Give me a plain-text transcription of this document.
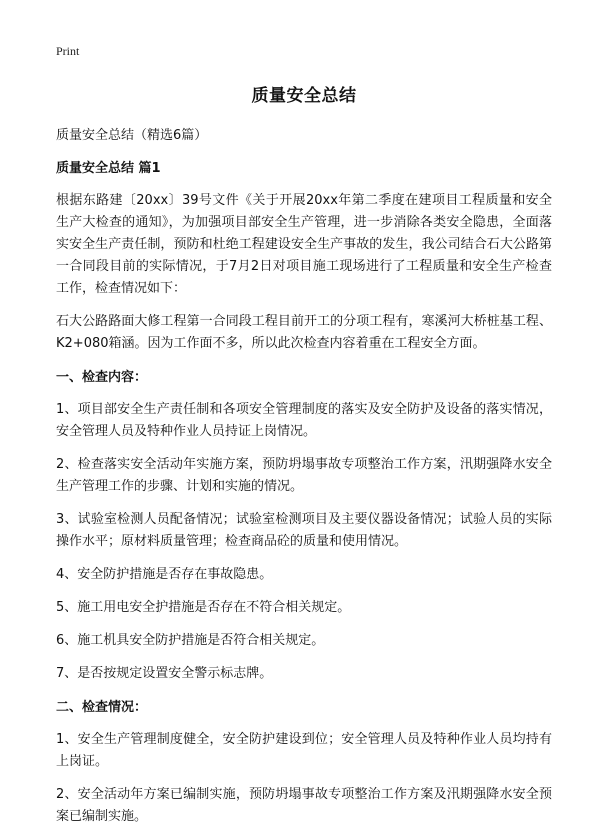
Print
质量安全总结
质量安全总结（精选6篇）
质量安全总结 篇1

根据东路建〔20xx〕39号文件《关于开展20xx年第二季度在建项目工程质量和安全生产大检查的通知》，为加强项目部安全生产管理，进一步消除各类安全隐患，全面落实安全生产责任制，预防和杜绝工程建设安全生产事故的发生，我公司结合石大公路第一合同段目前的实际情况，于7月2日对项目施工现场进行了工程质量和安全生产检查工作，检查情况如下：

石大公路路面大修工程第一合同段工程目前开工的分项工程有，寒溪河大桥桩基工程、K2+080箱涵。因为工作面不多，所以此次检查内容着重在工程安全方面。

一、检查内容：

1、项目部安全生产责任制和各项安全管理制度的落实及安全防护及设备的落实情况，安全管理人员及特种作业人员持证上岗情况。

2、检查落实安全活动年实施方案，预防坍塌事故专项整治工作方案，汛期强降水安全生产管理工作的步骤、计划和实施的情况。

3、试验室检测人员配备情况；试验室检测项目及主要仪器设备情况；试验人员的实际操作水平；原材料质量管理；检查商品砼的质量和使用情况。

4、安全防护措施是否存在事故隐患。

5、施工用电安全护措施是否存在不符合相关规定。

6、施工机具安全防护措施是否符合相关规定。

7、是否按规定设置安全警示标志牌。

二、检查情况：

1、安全生产管理制度健全，安全防护建设到位；安全管理人员及特种作业人员均持有上岗证。

2、安全活动年方案已编制实施，预防坍塌事故专项整治工作方案及汛期强降水安全预案已编制实施。
